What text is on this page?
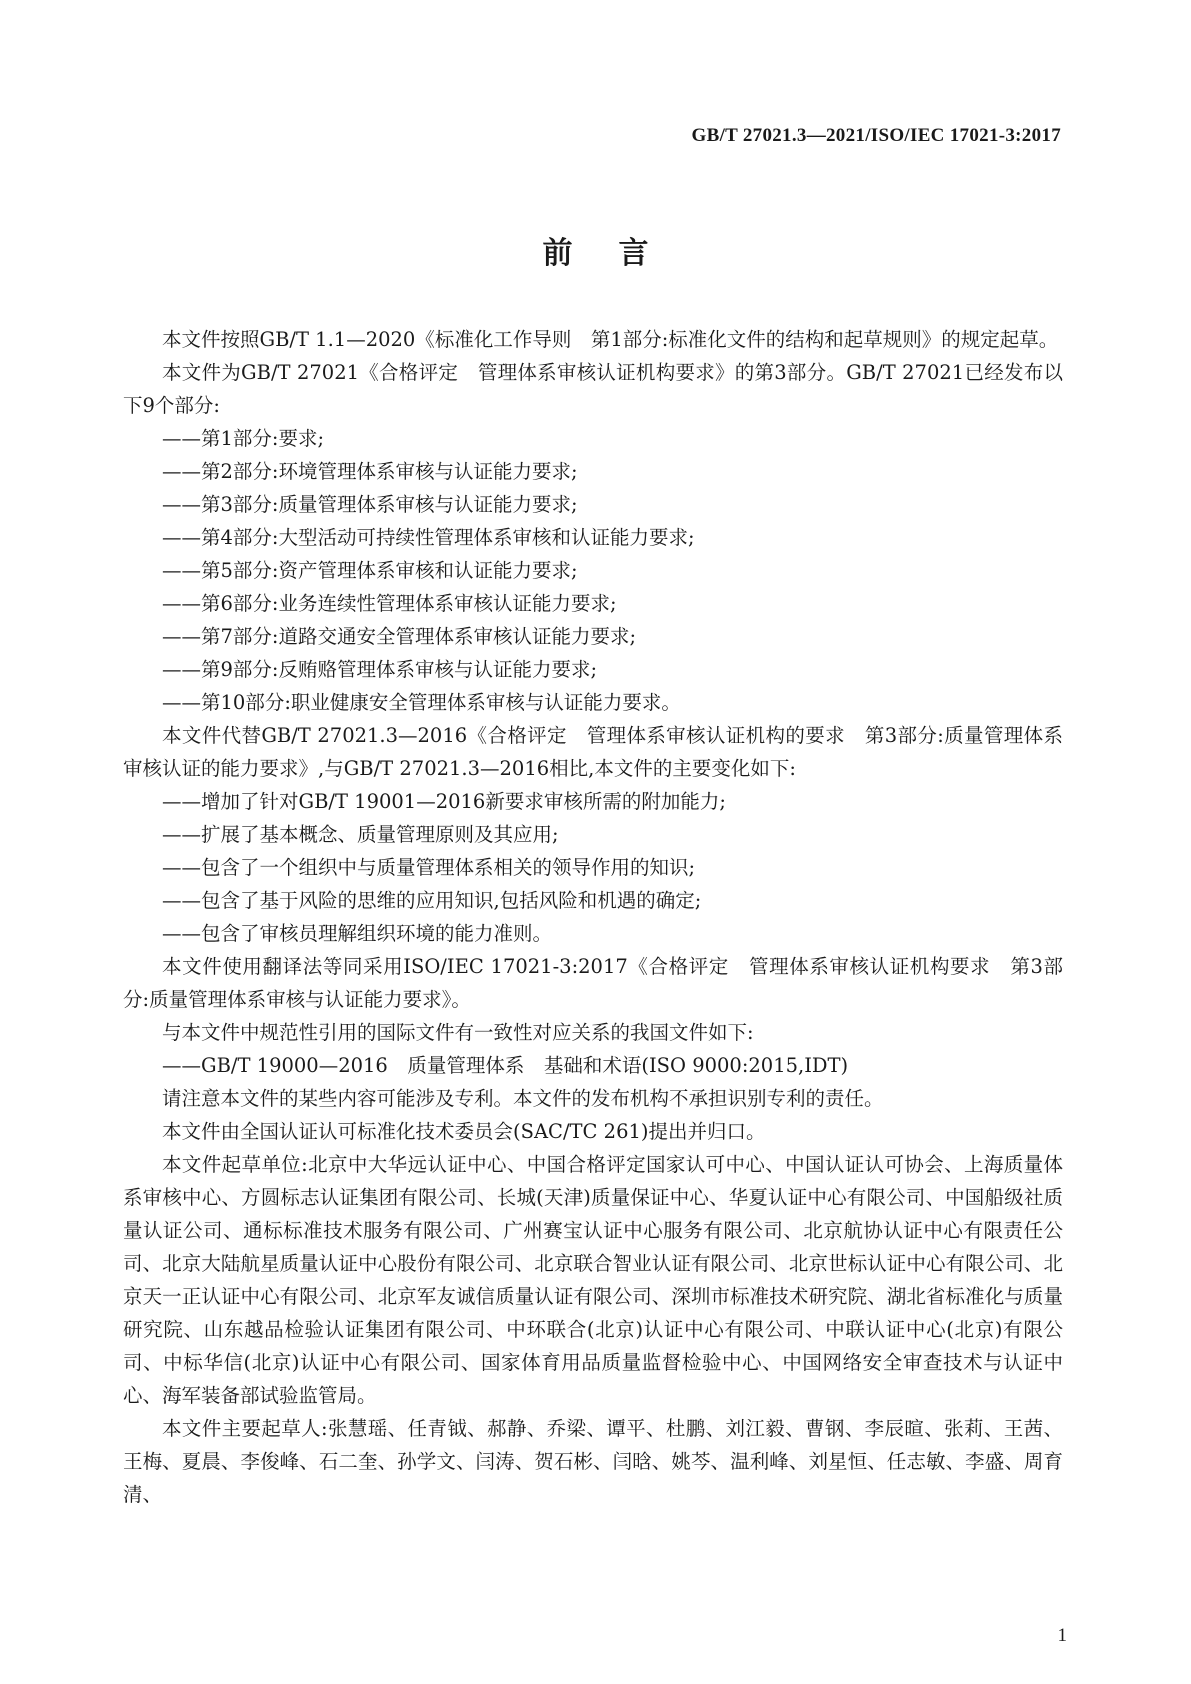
GB/T 27021.3—2021/ISO/IEC 17021-3:2017
前言

本文件按照GB/T 1.1—2020《标准化工作导则　第1部分:标准化文件的结构和起草规则》的规定起草。

本文件为GB/T 27021《合格评定　管理体系审核认证机构要求》的第3部分。GB/T 27021已经发布以下9个部分:

——第1部分:要求;

——第2部分:环境管理体系审核与认证能力要求;

——第3部分:质量管理体系审核与认证能力要求;

——第4部分:大型活动可持续性管理体系审核和认证能力要求;

——第5部分:资产管理体系审核和认证能力要求;

——第6部分:业务连续性管理体系审核认证能力要求;

——第7部分:道路交通安全管理体系审核认证能力要求;

——第9部分:反贿赂管理体系审核与认证能力要求;

——第10部分:职业健康安全管理体系审核与认证能力要求。

本文件代替GB/T 27021.3—2016《合格评定　管理体系审核认证机构的要求　第3部分:质量管理体系审核认证的能力要求》,与GB/T 27021.3—2016相比,本文件的主要变化如下:

——增加了针对GB/T 19001—2016新要求审核所需的附加能力;

——扩展了基本概念、质量管理原则及其应用;

——包含了一个组织中与质量管理体系相关的领导作用的知识;

——包含了基于风险的思维的应用知识,包括风险和机遇的确定;

——包含了审核员理解组织环境的能力准则。

本文件使用翻译法等同采用ISO/IEC 17021-3:2017《合格评定　管理体系审核认证机构要求　第3部分:质量管理体系审核与认证能力要求》。

与本文件中规范性引用的国际文件有一致性对应关系的我国文件如下:

——GB/T 19000—2016　质量管理体系　基础和术语(ISO 9000:2015,IDT)

请注意本文件的某些内容可能涉及专利。本文件的发布机构不承担识别专利的责任。

本文件由全国认证认可标准化技术委员会(SAC/TC 261)提出并归口。

本文件起草单位:北京中大华远认证中心、中国合格评定国家认可中心、中国认证认可协会、上海质量体系审核中心、方圆标志认证集团有限公司、长城(天津)质量保证中心、华夏认证中心有限公司、中国船级社质量认证公司、通标标准技术服务有限公司、广州赛宝认证中心服务有限公司、北京航协认证中心有限责任公司、北京大陆航星质量认证中心股份有限公司、北京联合智业认证有限公司、北京世标认证中心有限公司、北京天一正认证中心有限公司、北京军友诚信质量认证有限公司、深圳市标准技术研究院、湖北省标准化与质量研究院、山东越品检验认证集团有限公司、中环联合(北京)认证中心有限公司、中联认证中心(北京)有限公司、中标华信(北京)认证中心有限公司、国家体育用品质量监督检验中心、中国网络安全审查技术与认证中心、海军装备部试验监管局。

本文件主要起草人:张慧瑶、任青钺、郝静、乔梁、谭平、杜鹏、刘江毅、曹钢、李辰暄、张莉、王茜、王梅、夏晨、李俊峰、石二奎、孙学文、闫涛、贺石彬、闫晗、姚芩、温利峰、刘星恒、任志敏、李盛、周育清、

1
